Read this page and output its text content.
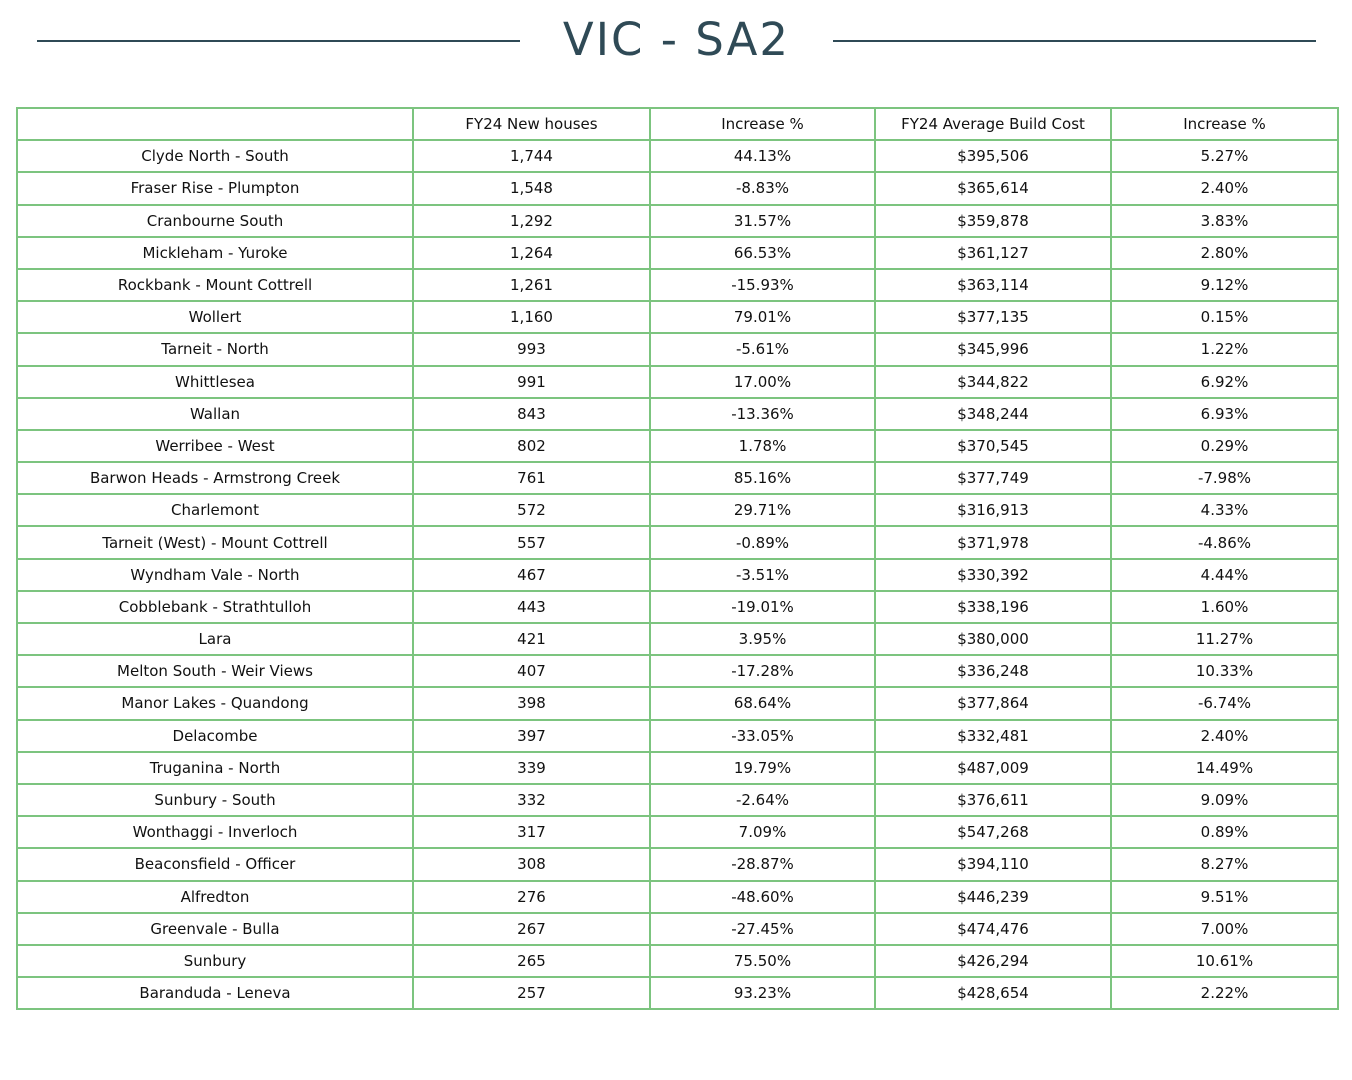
VIC - SA2
	FY24 New houses	Increase %	FY24 Average Build Cost	Increase %
Clyde North - South	1,744	44.13%	$395,506	5.27%
Fraser Rise - Plumpton	1,548	-8.83%	$365,614	2.40%
Cranbourne South	1,292	31.57%	$359,878	3.83%
Mickleham - Yuroke	1,264	66.53%	$361,127	2.80%
Rockbank - Mount Cottrell	1,261	-15.93%	$363,114	9.12%
Wollert	1,160	79.01%	$377,135	0.15%
Tarneit - North	993	-5.61%	$345,996	1.22%
Whittlesea	991	17.00%	$344,822	6.92%
Wallan	843	-13.36%	$348,244	6.93%
Werribee - West	802	1.78%	$370,545	0.29%
Barwon Heads - Armstrong Creek	761	85.16%	$377,749	-7.98%
Charlemont	572	29.71%	$316,913	4.33%
Tarneit (West) - Mount Cottrell	557	-0.89%	$371,978	-4.86%
Wyndham Vale - North	467	-3.51%	$330,392	4.44%
Cobblebank - Strathtulloh	443	-19.01%	$338,196	1.60%
Lara	421	3.95%	$380,000	11.27%
Melton South - Weir Views	407	-17.28%	$336,248	10.33%
Manor Lakes - Quandong	398	68.64%	$377,864	-6.74%
Delacombe	397	-33.05%	$332,481	2.40%
Truganina - North	339	19.79%	$487,009	14.49%
Sunbury - South	332	-2.64%	$376,611	9.09%
Wonthaggi - Inverloch	317	7.09%	$547,268	0.89%
Beaconsfield - Officer	308	-28.87%	$394,110	8.27%
Alfredton	276	-48.60%	$446,239	9.51%
Greenvale - Bulla	267	-27.45%	$474,476	7.00%
Sunbury	265	75.50%	$426,294	10.61%
Baranduda - Leneva	257	93.23%	$428,654	2.22%
